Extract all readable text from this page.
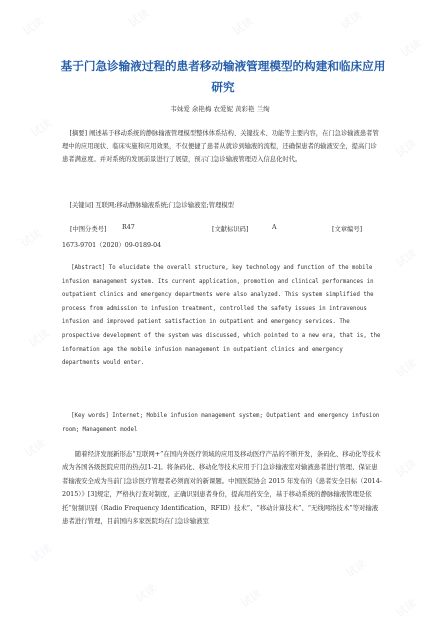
试读	试读	试读	试读
试读
试读
试读
试读
试读
试读
试读
试读
试读
试读
试读	试读
试读
试读
基于门急诊输液过程的患者移动输液管理模型的构建和临床应用研究
韦妹爱 余艳梅 农爱妮 黄彩艳 兰绚
[摘要] 阐述基于移动系统的静脉输液管理模型整体体系结构、关键技术、功能等主要内容，在门急诊输液患者管理中的应用现状、临床实施和应用效果，不仅便捷了患者从就诊到输液的流程，还确保患者的输液安全，提高门诊患者满意度。并对系统的发展前景进行了展望，预示门急诊输液管理迈入信息化时代。
[关键词] 互联网;移动静脉输液系统;门急诊输液室;管理模型
[中图分类号] R47	[文献标识码]	A	[文章编号]
1673-9701（2020）09-0189-04
[Abstract] To elucidate the overall structure, key technology and function of the mobile infusion management system. Its current application, promotion and clinical performances in outpatient clinics and emergency departments were also analyzed. This system simplified the process from admission to infusion treatment, controlled the safety issues in intravenous infusion and improved patient satisfaction in outpatient and emergency services. The prospective development of the system was discussed, which pointed to a new era, that is, the information age the mobile infusion management in outpatient clinics and emergency departments would enter.
[Key words] Internet; Mobile infusion management system; Outpatient and emergency infusion room; Management model
随着经济发展新形态“互联网+”在国内外医疗领域的应用及移动医疗产品的不断开发，条码化、移动化等技术成为各国各级医院应用的热点[1-2]。将条码化、移动化等技术应用于门急诊输液室对输液患者进行管理、保证患者输液安全成为当前门急诊医疗管理者必须面对的新课题。中国医院协会 2015 年发布的《患者安全目标（2014-2015）》[3]规定，严格执行查对制度，正确识别患者身份，提高用药安全，基于移动系统的静脉输液管理是依托“射频识别（Radio Frequency Identification，RFID）技术”、“移动计算技术”、“无线网络技术”等对输液患者进行管理，目前国内多家医院均在门急诊输液室
